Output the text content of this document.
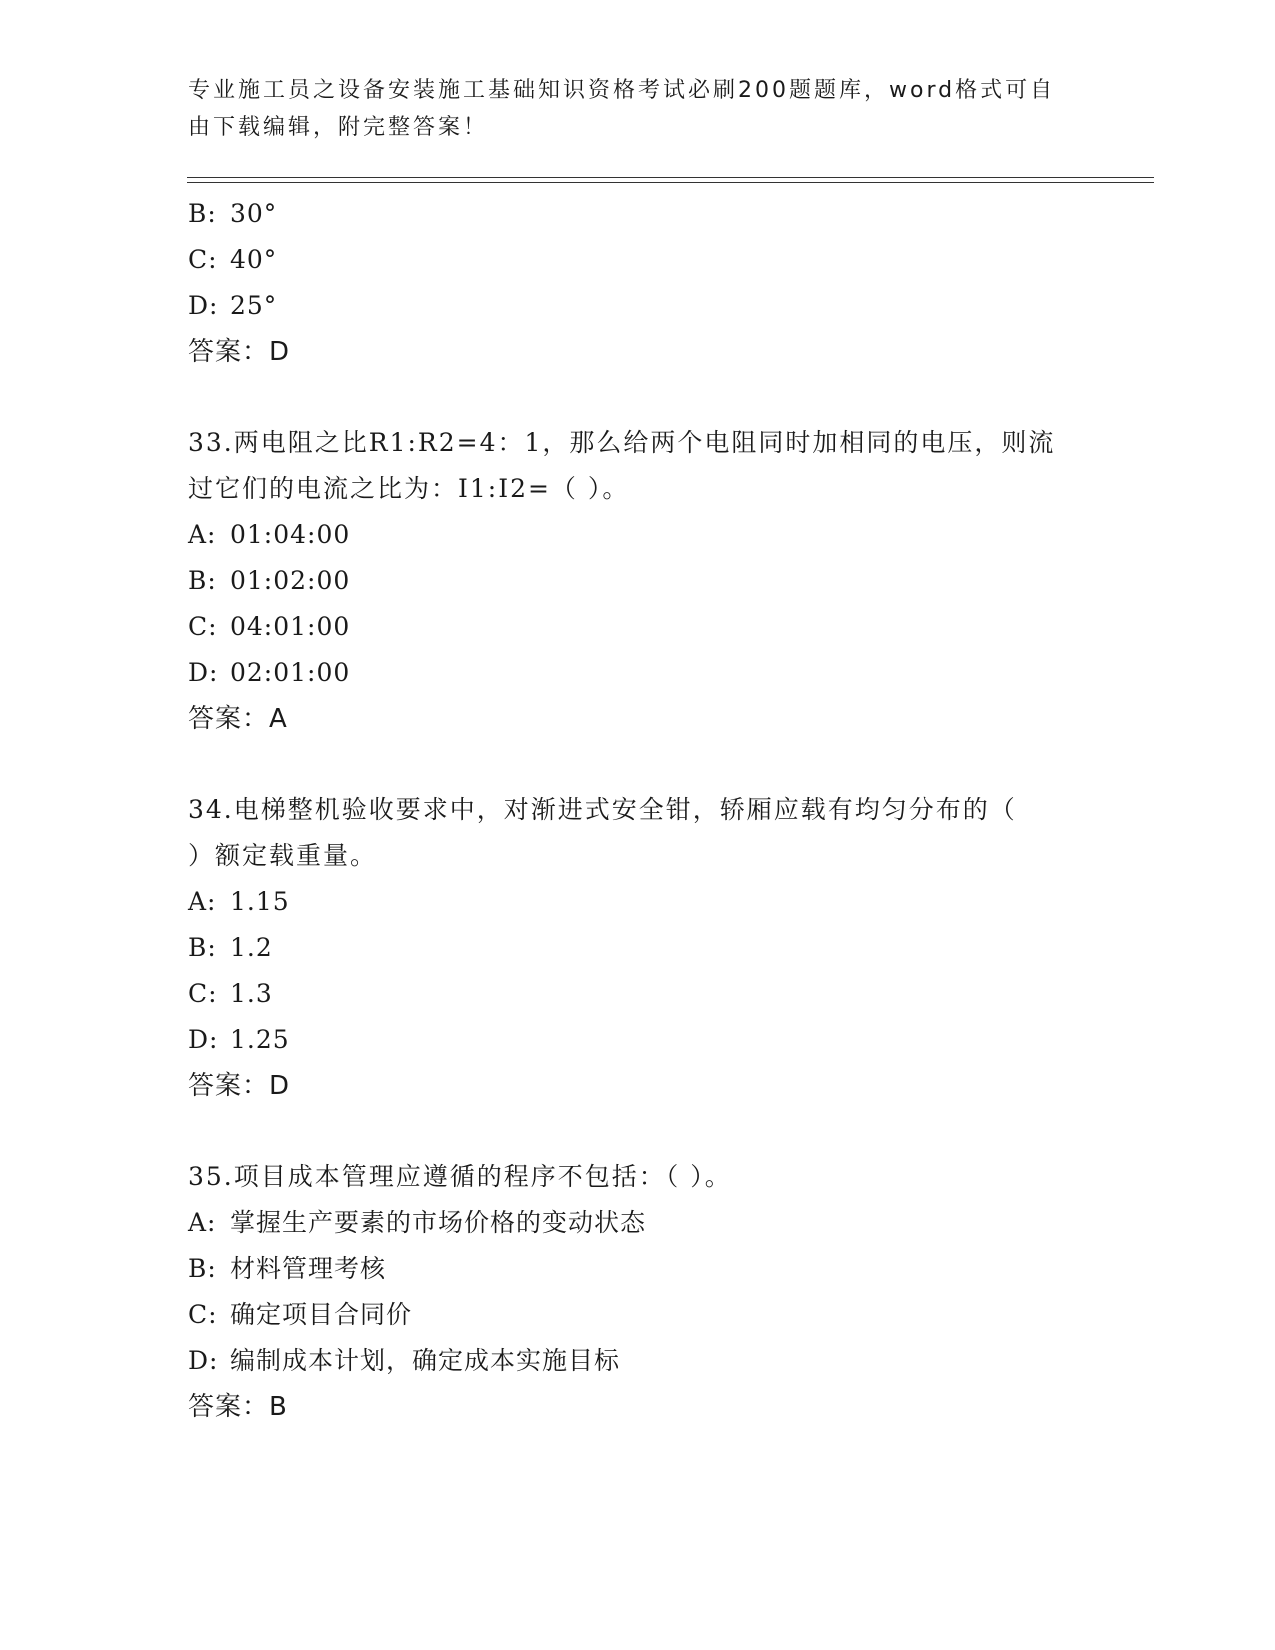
专业施工员之设备安装施工基础知识资格考试必刷200题题库，word格式可自由下载编辑，附完整答案！
B: 30°
C: 40°
D: 25°
答案：D
33.两电阻之比R1:R2=4：1，那么给两个电阻同时加相同的电压，则流
过它们的电流之比为：I1:I2=（ ）。
A: 01:04:00
B: 01:02:00
C: 04:01:00
D: 02:01:00
答案：A
34.电梯整机验收要求中，对渐进式安全钳，轿厢应载有均匀分布的（
）额定载重量。
A: 1.15
B: 1.2
C: 1.3
D: 1.25
答案：D
35.项目成本管理应遵循的程序不包括：（ ）。
A: 掌握生产要素的市场价格的变动状态
B: 材料管理考核
C: 确定项目合同价
D: 编制成本计划，确定成本实施目标
答案：B
